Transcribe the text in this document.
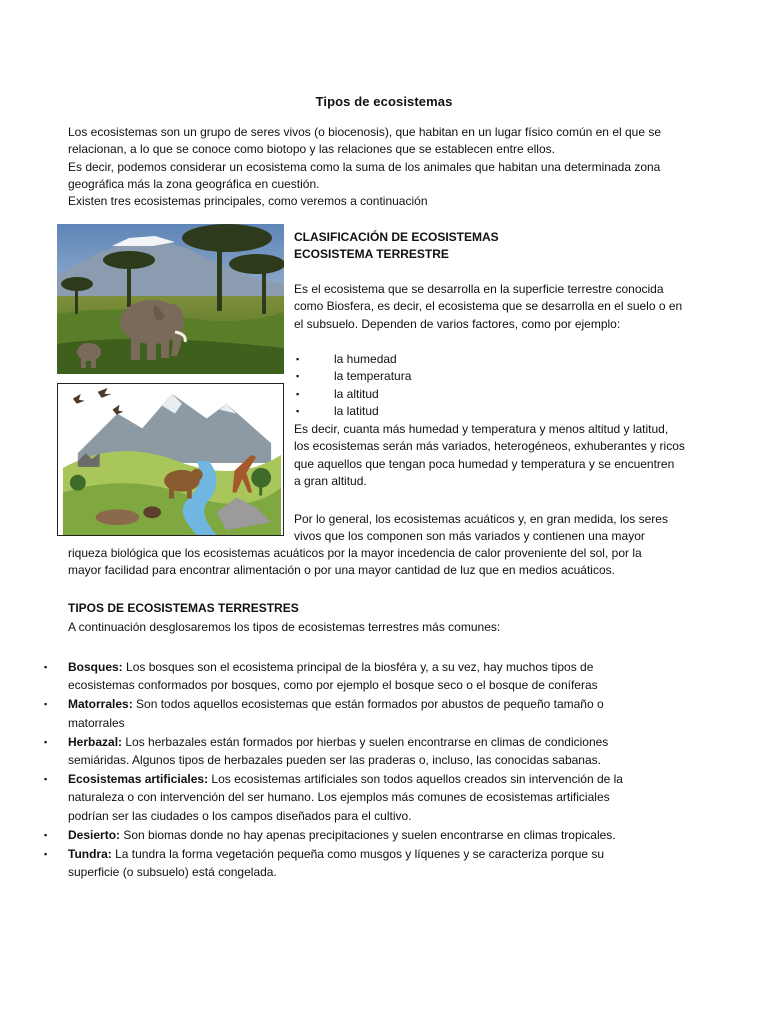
Tipos de ecosistemas
Los ecosistemas son un grupo de seres vivos (o biocenosis), que habitan en un lugar físico común en el que se
relacionan, a lo que se conoce como biotopo y las relaciones que se establecen entre ellos.
Es decir, podemos considerar un ecosistema como la suma de los animales que habitan una determinada zona
geográfica más la zona geográfica en cuestión.
Existen tres ecosistemas principales, como veremos a continuación
CLASIFICACIÓN DE ECOSISTEMAS
ECOSISTEMA TERRESTRE
Es el ecosistema que se desarrolla en la superficie terrestre conocida
como Biosfera, es decir, el ecosistema que se desarrolla en el suelo o en
el subsuelo. Dependen de varios factores, como por ejemplo:
▪	la humedad
▪	la temperatura
▪	la altitud
▪	la latitud
Es decir, cuanta más humedad y temperatura y menos altitud y latitud,
los ecosistemas serán más variados, heterogéneos, exhuberantes y ricos
que aquellos que tengan poca humedad y temperatura y se encuentren
a gran altitud.
Por lo general, los ecosistemas acuáticos y, en gran medida, los seres
vivos que los componen son más variados y contienen una mayor
riqueza biológica que los ecosistemas acuáticos por la mayor incedencia de calor proveniente del sol, por la
mayor facilidad para encontrar alimentación o por una mayor cantidad de luz que en medios acuáticos.
TIPOS DE ECOSISTEMAS TERRESTRES
A continuación desglosaremos los tipos de ecosistemas terrestres más comunes:
▪ Bosques: Los bosques son el ecosistema principal de la biosféra y, a su vez, hay muchos tipos de
ecosistemas conformados por bosques, como por ejemplo el bosque seco o el bosque de coníferas
▪ Matorrales: Son todos aquellos ecosistemas que están formados por abustos de pequeño tamaño o
matorrales
▪ Herbazal: Los herbazales están formados por hierbas y suelen encontrarse en climas de condiciones
semiáridas. Algunos tipos de herbazales pueden ser las praderas o, incluso, las conocidas sabanas.
▪ Ecosistemas artificiales: Los ecosistemas artificiales son todos aquellos creados sin intervención de la
naturaleza o con intervención del ser humano. Los ejemplos más comunes de ecosistemas artificiales
podrían ser las ciudades o los campos diseñados para el cultivo.
▪ Desierto: Son biomas donde no hay apenas precipitaciones y suelen encontrarse en climas tropicales.
▪ Tundra: La tundra la forma vegetación pequeña como musgos y líquenes y se caracteriza porque su
superficie (o subsuelo) está congelada.
